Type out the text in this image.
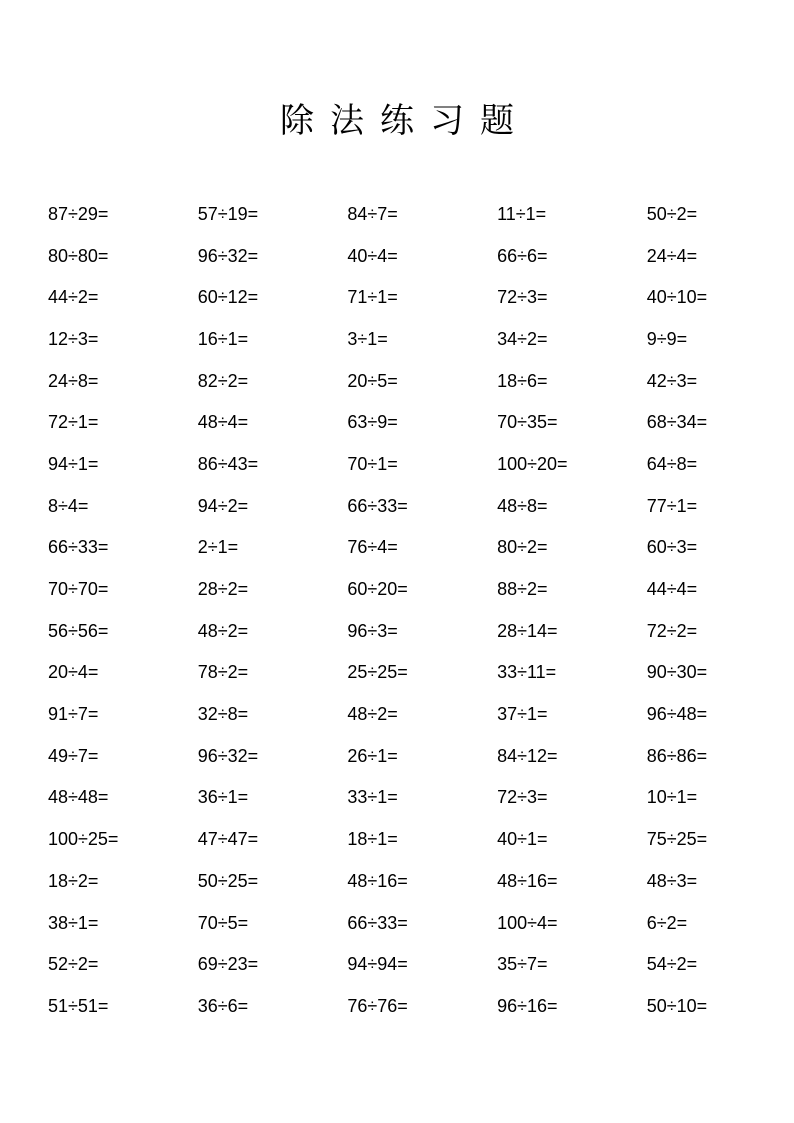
除法练习题
87÷29=	57÷19=	84÷7=	11÷1=	50÷2=
80÷80=	96÷32=	40÷4=	66÷6=	24÷4=
44÷2=	60÷12=	71÷1=	72÷3=	40÷10=
12÷3=	16÷1=	3÷1=	34÷2=	9÷9=
24÷8=	82÷2=	20÷5=	18÷6=	42÷3=
72÷1=	48÷4=	63÷9=	70÷35=	68÷34=
94÷1=	86÷43=	70÷1=	100÷20=	64÷8=
8÷4=	94÷2=	66÷33=	48÷8=	77÷1=
66÷33=	2÷1=	76÷4=	80÷2=	60÷3=
70÷70=	28÷2=	60÷20=	88÷2=	44÷4=
56÷56=	48÷2=	96÷3=	28÷14=	72÷2=
20÷4=	78÷2=	25÷25=	33÷11=	90÷30=
91÷7=	32÷8=	48÷2=	37÷1=	96÷48=
49÷7=	96÷32=	26÷1=	84÷12=	86÷86=
48÷48=	36÷1=	33÷1=	72÷3=	10÷1=
100÷25=	47÷47=	18÷1=	40÷1=	75÷25=
18÷2=	50÷25=	48÷16=	48÷16=	48÷3=
38÷1=	70÷5=	66÷33=	100÷4=	6÷2=
52÷2=	69÷23=	94÷94=	35÷7=	54÷2=
51÷51=	36÷6=	76÷76=	96÷16=	50÷10=
